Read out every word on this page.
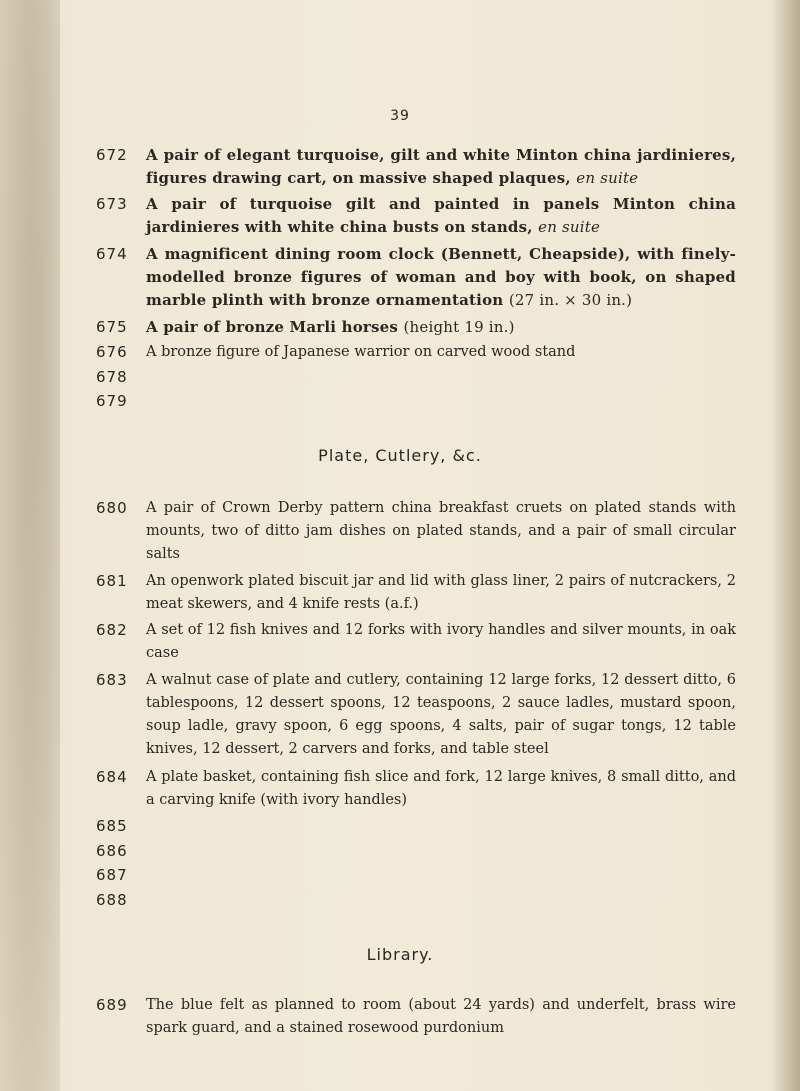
39
672	A pair of elegant turquoise, gilt and white Minton china jardinieres, figures drawing cart, on massive shaped plaques, en suite
673	A pair of turquoise gilt and painted in panels Minton china jardinieres with white china busts on stands, en suite
674	A magnificent dining room clock (Bennett, Cheapside), with finely-modelled bronze figures of woman and boy with book, on shaped marble plinth with bronze ornamentation (27 in. × 30 in.)
675	A pair of bronze Marli horses (height 19 in.)
676	A bronze figure of Japanese warrior on carved wood stand
678
679
Plate, Cutlery, &c.
680	A pair of Crown Derby pattern china breakfast cruets on plated stands with mounts, two of ditto jam dishes on plated stands, and a pair of small circular salts
681	An openwork plated biscuit jar and lid with glass liner, 2 pairs of nutcrackers, 2 meat skewers, and 4 knife rests (a.f.)
682	A set of 12 fish knives and 12 forks with ivory handles and silver mounts, in oak case
683	A walnut case of plate and cutlery, containing 12 large forks, 12 dessert ditto, 6 tablespoons, 12 dessert spoons, 12 teaspoons, 2 sauce ladles, mustard spoon, soup ladle, gravy spoon, 6 egg spoons, 4 salts, pair of sugar tongs, 12 table knives, 12 dessert, 2 carvers and forks, and table steel
684	A plate basket, containing fish slice and fork, 12 large knives, 8 small ditto, and a carving knife (with ivory handles)
685
686
687
688
Library.
689	The blue felt as planned to room (about 24 yards) and underfelt, brass wire spark guard, and a stained rosewood purdonium
